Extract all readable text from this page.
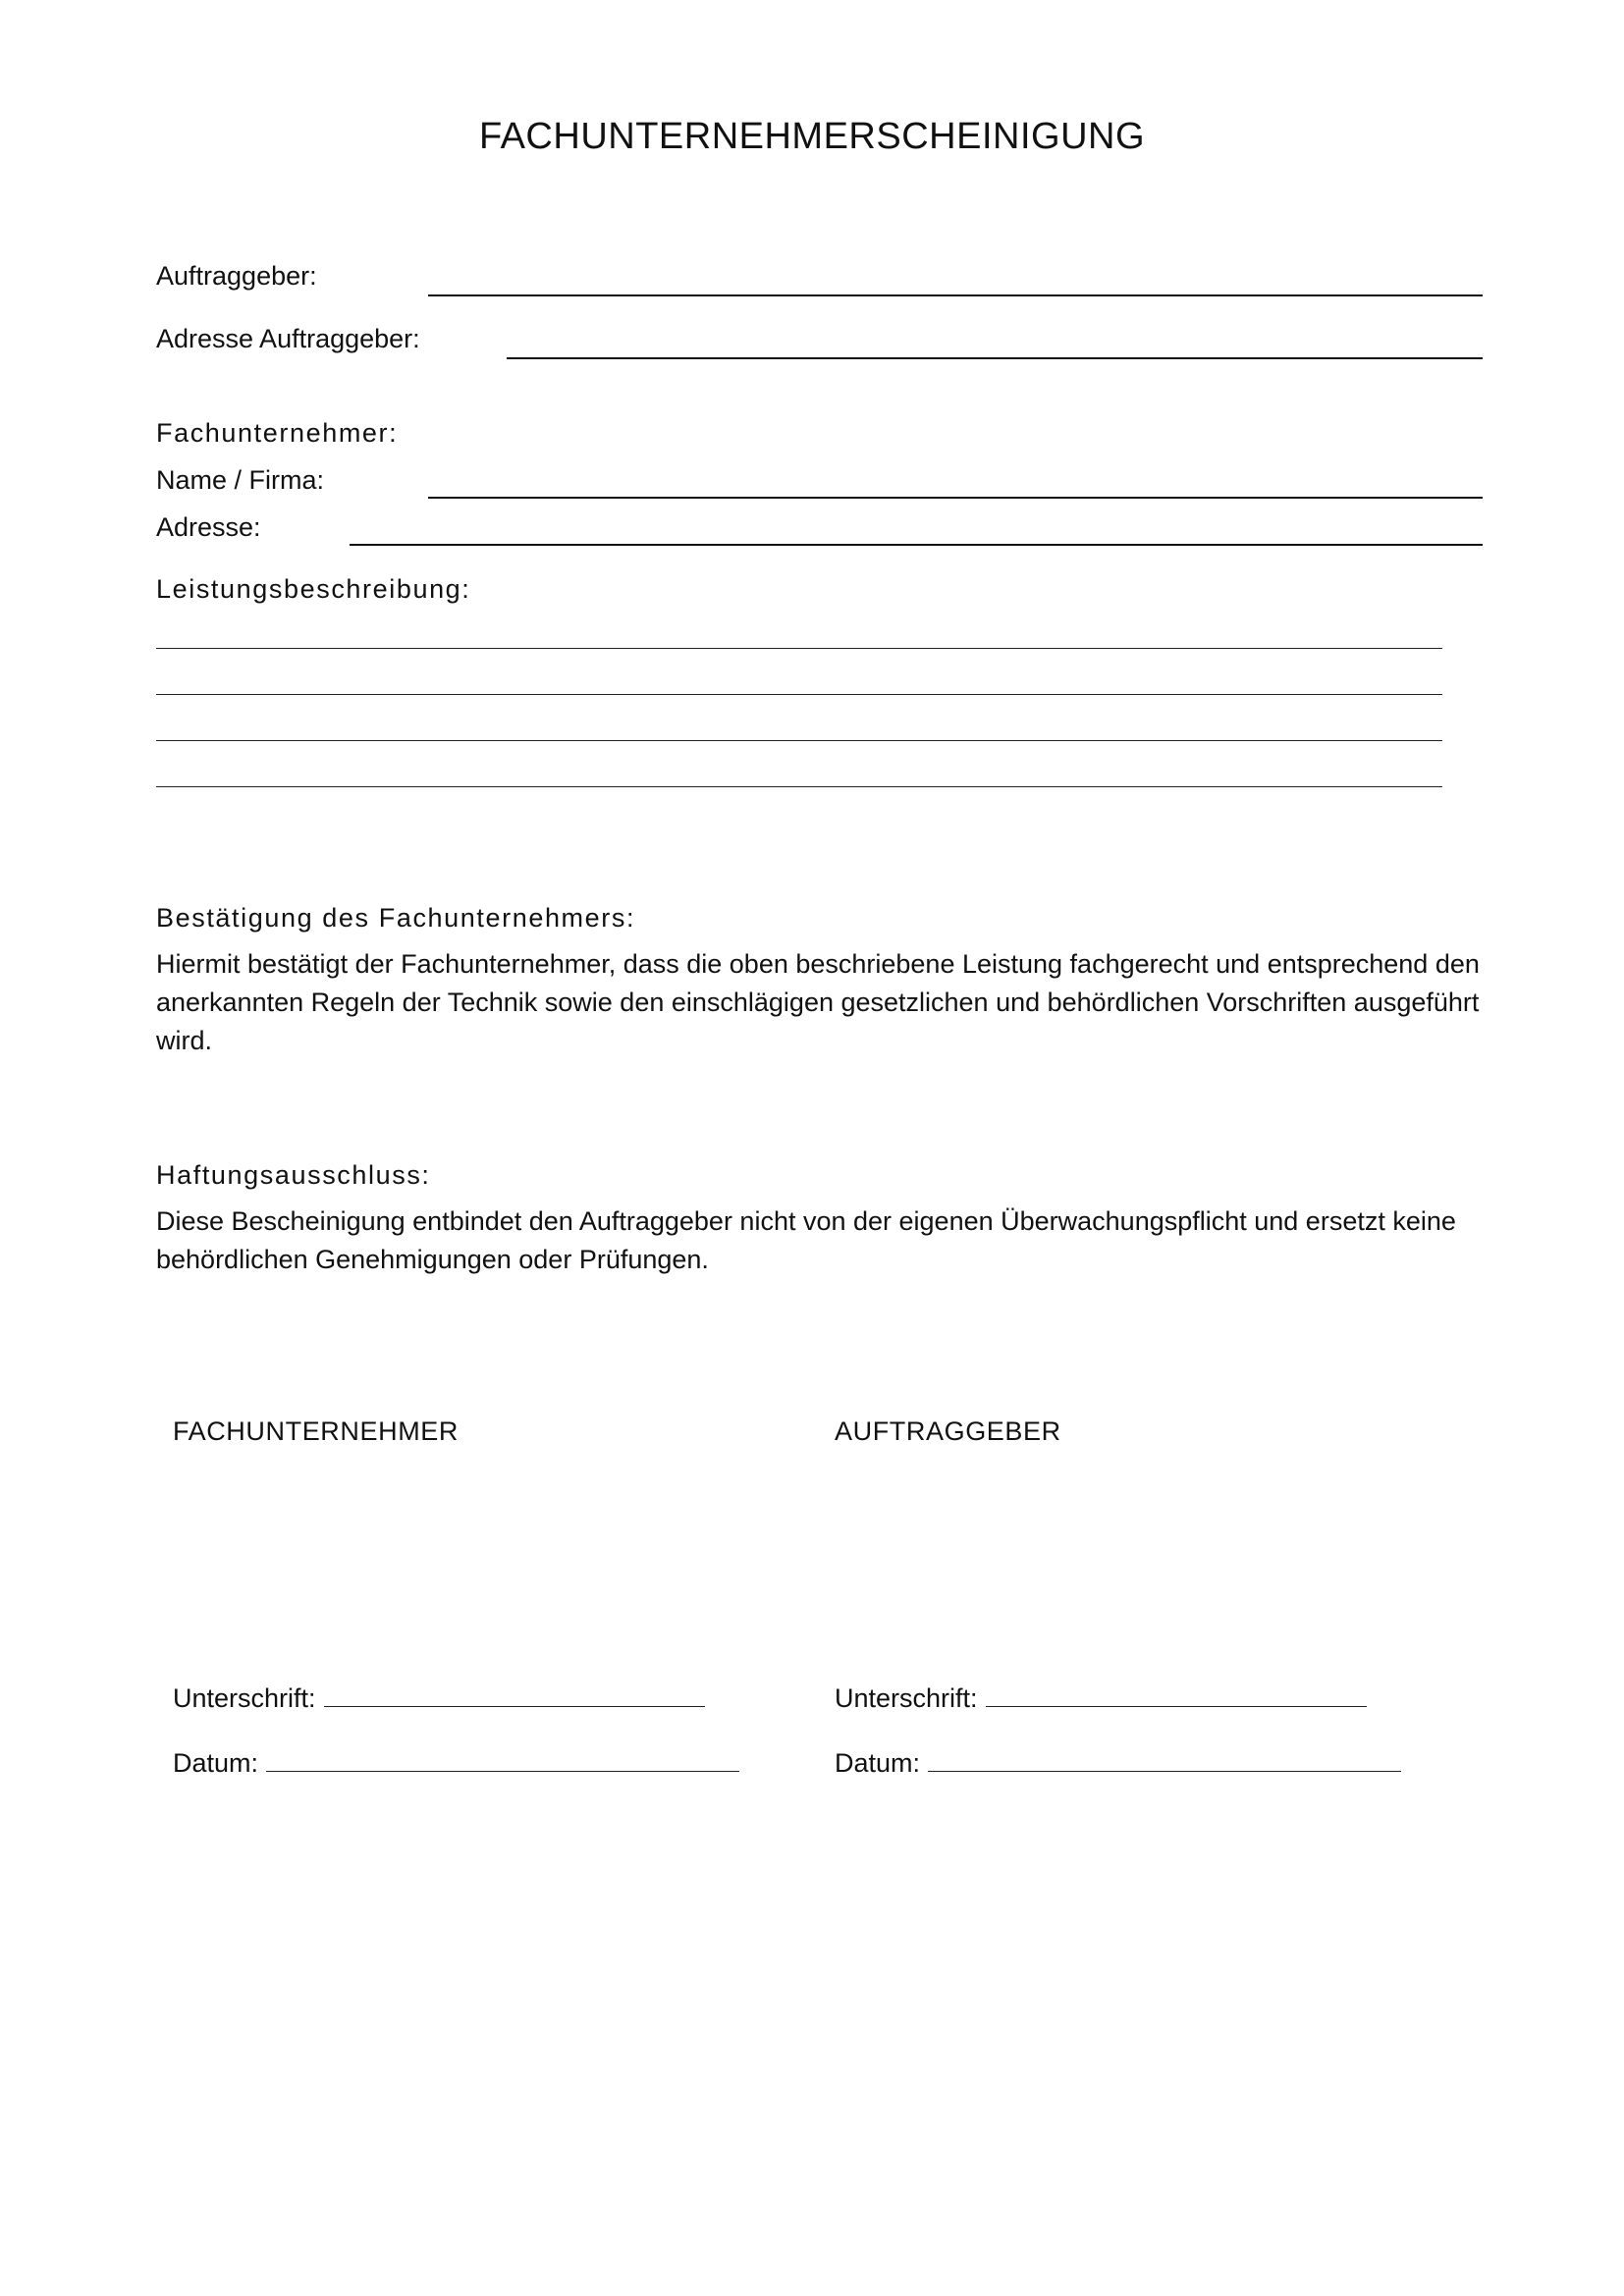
FACHUNTERNEHMERSCHEINIGUNG
Auftraggeber:
Adresse Auftraggeber:
Fachunternehmer:
Name / Firma:
Adresse:
Leistungsbeschreibung:
Bestätigung des Fachunternehmers:
Hiermit bestätigt der Fachunternehmer, dass die oben beschriebene Leistung fachgerecht und entsprechend den anerkannten Regeln der Technik sowie den einschlägigen gesetzlichen und behördlichen Vorschriften ausgeführt wird.
Haftungsausschluss:
Diese Bescheinigung entbindet den Auftraggeber nicht von der eigenen Überwachungspflicht und ersetzt keine behördlichen Genehmigungen oder Prüfungen.
FACHUNTERNEHMER
Unterschrift:
Datum:
AUFTRAGGEBER
Unterschrift:
Datum:
